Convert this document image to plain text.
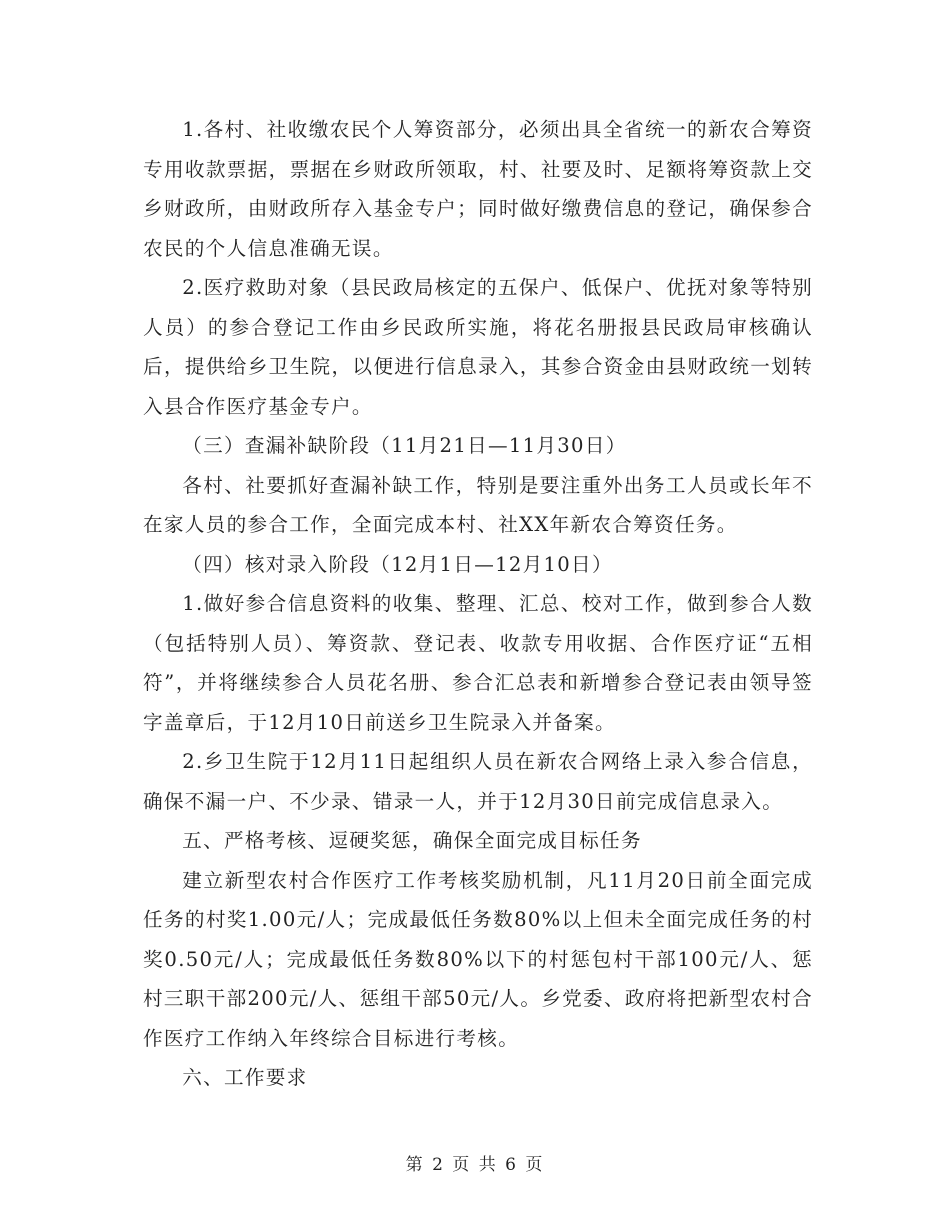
1.各村、社收缴农民个人筹资部分，必须出具全省统一的新农合筹资专用收款票据，票据在乡财政所领取，村、社要及时、足额将筹资款上交乡财政所，由财政所存入基金专户；同时做好缴费信息的登记，确保参合农民的个人信息准确无误。

2.医疗救助对象（县民政局核定的五保户、低保户、优抚对象等特别人员）的参合登记工作由乡民政所实施，将花名册报县民政局审核确认后，提供给乡卫生院，以便进行信息录入，其参合资金由县财政统一划转入县合作医疗基金专户。

（三）查漏补缺阶段（11月21日—11月30日）

各村、社要抓好查漏补缺工作，特别是要注重外出务工人员或长年不在家人员的参合工作，全面完成本村、社XX年新农合筹资任务。

（四）核对录入阶段（12月1日—12月10日）

1.做好参合信息资料的收集、整理、汇总、校对工作，做到参合人数（包括特别人员）、筹资款、登记表、收款专用收据、合作医疗证“五相符”，并将继续参合人员花名册、参合汇总表和新增参合登记表由领导签字盖章后，于12月10日前送乡卫生院录入并备案。

2.乡卫生院于12月11日起组织人员在新农合网络上录入参合信息，确保不漏一户、不少录、错录一人，并于12月30日前完成信息录入。

五、严格考核、逗硬奖惩，确保全面完成目标任务

建立新型农村合作医疗工作考核奖励机制，凡11月20日前全面完成任务的村奖1.00元/人；完成最低任务数80%以上但未全面完成任务的村奖0.50元/人；完成最低任务数80%以下的村惩包村干部100元/人、惩村三职干部200元/人、惩组干部50元/人。乡党委、政府将把新型农村合作医疗工作纳入年终综合目标进行考核。

六、工作要求

第 2 页 共 6 页
